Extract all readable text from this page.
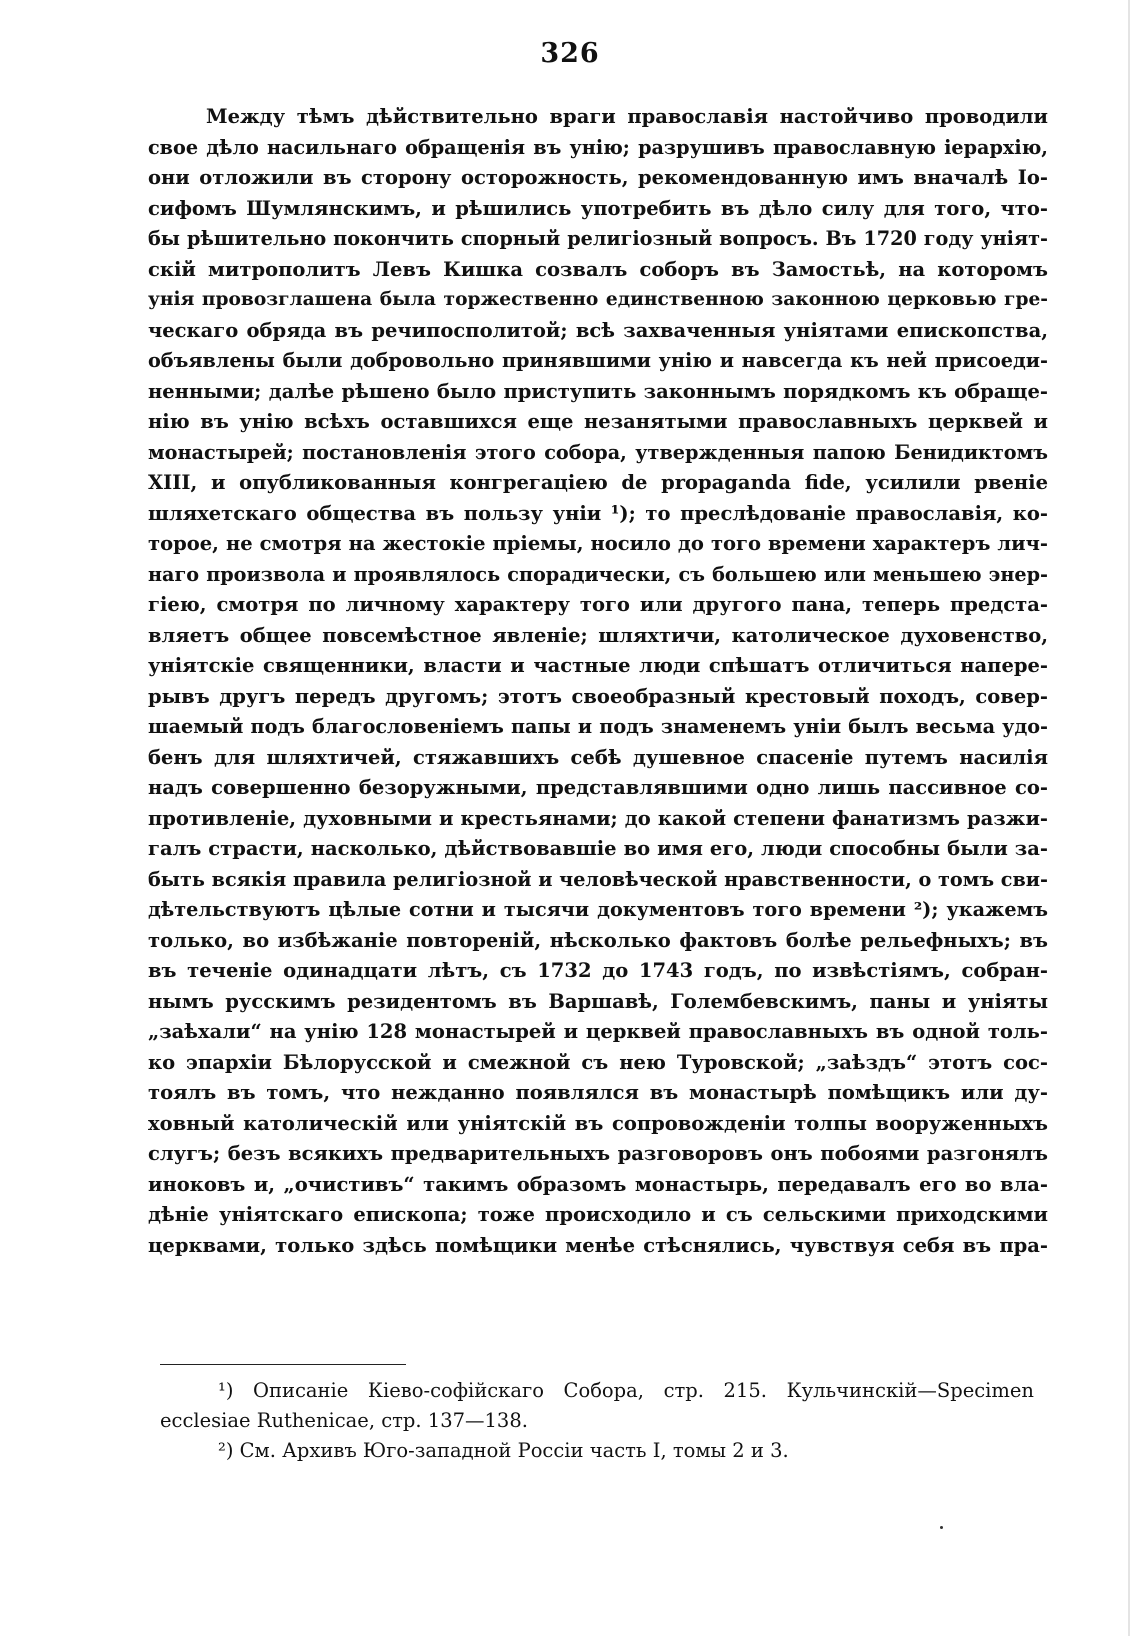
326
Между тѣмъ дѣйствительно враги православія настойчиво проводили
свое дѣло насильнаго обращенія въ унію; разрушивъ православную іерархію,
они отложили въ сторону осторожность, рекомендованную имъ вначалѣ Іо-
сифомъ Шумлянскимъ, и рѣшились употребить въ дѣло силу для того, что-
бы рѣшительно покончить спорный религіозный вопросъ. Въ 1720 году уніят-
скій митрополитъ Левъ Кишка созвалъ соборъ въ Замостьѣ, на которомъ
унія провозглашена была торжественно единственною законною церковью гре-
ческаго обряда въ речипосполитой; всѣ захваченныя уніятами епископства,
объявлены были добровольно принявшими унію и навсегда къ ней присоеди-
ненными; далѣе рѣшено было приступить законнымъ порядкомъ къ обраще-
нію въ унію всѣхъ оставшихся еще незанятыми православныхъ церквей и
монастырей; постановленія этого собора, утвержденныя папою Бенидиктомъ
XIII, и опубликованныя конгрегаціею de propaganda fide, усилили рвеніе
шляхетскаго общества въ пользу уніи ¹); то преслѣдованіе православія, ко-
торое, не смотря на жестокіе пріемы, носило до того времени характеръ лич-
наго произвола и проявлялось спорадически, съ большею или меньшею энер-
гіею, смотря по личному характеру того или другого пана, теперь предста-
вляетъ общее повсемѣстное явленіе; шляхтичи, католическое духовенство,
уніятскіе священники, власти и частные люди спѣшатъ отличиться напере-
рывъ другъ передъ другомъ; этотъ своеобразный крестовый походъ, совер-
шаемый подъ благословеніемъ папы и подъ знаменемъ уніи былъ весьма удо-
бенъ для шляхтичей, стяжавшихъ себѣ душевное спасеніе путемъ насилія
надъ совершенно безоружными, представлявшими одно лишь пассивное со-
противленіе, духовными и крестьянами; до какой степени фанатизмъ разжи-
галъ страсти, насколько, дѣйствовавшіе во имя его, люди способны были за-
быть всякія правила религіозной и человѣческой нравственности, о томъ сви-
дѣтельствуютъ цѣлые сотни и тысячи документовъ того времени ²); укажемъ
только, во избѣжаніе повтореній, нѣсколько фактовъ болѣе рельефныхъ; въ
въ теченіе одинадцати лѣтъ, съ 1732 до 1743 годъ, по извѣстіямъ, собран-
нымъ русскимъ резидентомъ въ Варшавѣ, Голембевскимъ, паны и уніяты
„заѣхали“ на унію 128 монастырей и церквей православныхъ въ одной толь-
ко эпархіи Бѣлорусской и смежной съ нею Туровской; „заѣздъ“ этотъ сос-
тоялъ въ томъ, что нежданно появлялся въ монастырѣ помѣщикъ или ду-
ховный католическій или уніятскій въ сопровожденіи толпы вооруженныхъ
слугъ; безъ всякихъ предварительныхъ разговоровъ онъ побоями разгонялъ
иноковъ и, „очистивъ“ такимъ образомъ монастырь, передавалъ его во вла-
дѣніе уніятскаго епископа; тоже происходило и съ сельскими приходскими
церквами, только здѣсь помѣщики менѣе стѣснялись, чувствуя себя въ пра-
¹) Описаніе Кіево-софійскаго Собора, стр. 215. Кульчинскій—Specimen
ecclesiae Ruthenicae, стр. 137—138.
²) См. Архивъ Юго-западной Россіи часть I, томы 2 и 3.
